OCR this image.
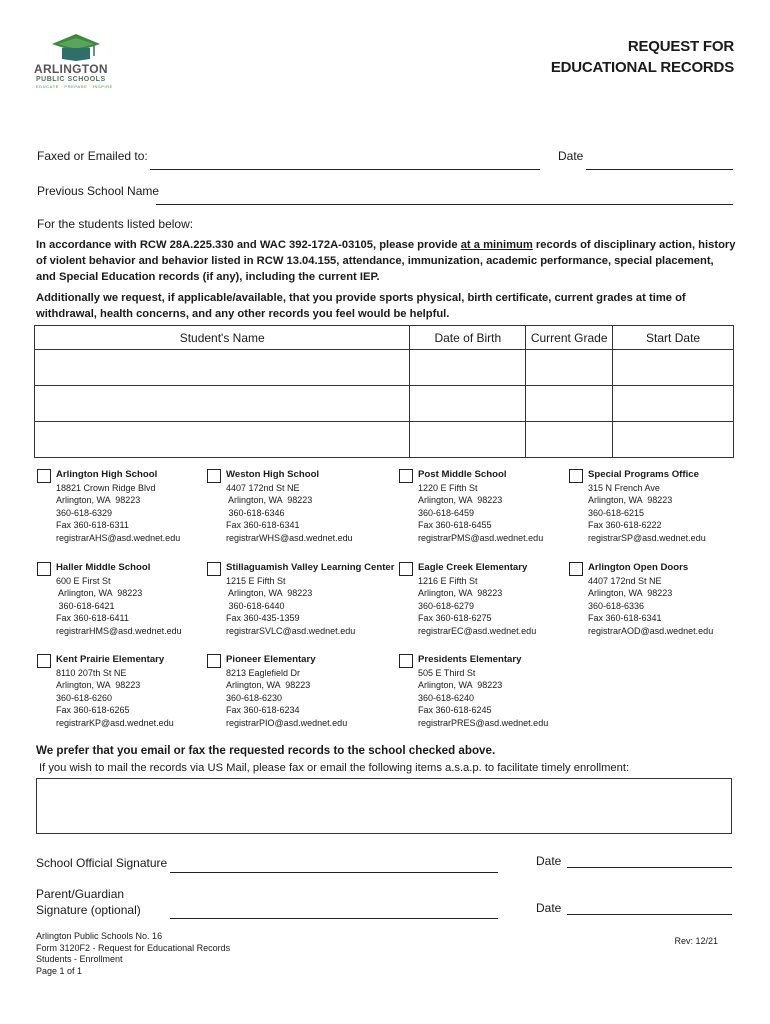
ARLINGTON
PUBLIC SCHOOLS
EDUCATE · PREPARE · INSPIRE
REQUEST FOR
EDUCATIONAL RECORDS
Faxed or Emailed to:	Date
Previous School Name
For the students listed below:
In accordance with RCW 28A.225.330 and WAC 392-172A-03105, please provide at a minimum records of disciplinary action, history of violent behavior and behavior listed in RCW 13.04.155, attendance, immunization, academic performance, special placement, and Special Education records (if any), including the current IEP.
Additionally we request, if applicable/available, that you provide sports physical, birth certificate, current grades at time of withdrawal, health concerns, and any other records you feel would be helpful.
Student's Name	Date of Birth	Current Grade	Start Date

Arlington High School
18821 Crown Ridge Blvd
Arlington, WA  98223
360-618-6329
Fax 360-618-6311
registrarAHS@asd.wednet.edu
Weston High School
4407 172nd St NE
Arlington, WA  98223
360-618-6346
Fax 360-618-6341
registrarWHS@asd.wednet.edu
Post Middle School
1220 E Fifth St
Arlington, WA  98223
360-618-6459
Fax 360-618-6455
registrarPMS@asd.wednet.edu
Special Programs Office
315 N French Ave
Arlington, WA  98223
360-618-6215
Fax 360-618-6222
registrarSP@asd.wednet.edu
Haller Middle School
600 E First St
Arlington, WA  98223
360-618-6421
Fax 360-618-6411
registrarHMS@asd.wednet.edu
Stillaguamish Valley Learning Center
1215 E Fifth St
Arlington, WA  98223
360-618-6440
Fax 360-435-1359
registrarSVLC@asd.wednet.edu
Eagle Creek Elementary
1216 E Fifth St
Arlington, WA  98223
360-618-6279
Fax 360-618-6275
registrarEC@asd.wednet.edu
Arlington Open Doors
4407 172nd St NE
Arlington, WA  98223
360-618-6336
Fax 360-618-6341
registrarAOD@asd.wednet.edu
Kent Prairie Elementary
8110 207th St NE
Arlington, WA  98223
360-618-6260
Fax 360-618-6265
registrarKP@asd.wednet.edu
Pioneer Elementary
8213 Eaglefield Dr
Arlington, WA  98223
360-618-6230
Fax 360-618-6234
registrarPIO@asd.wednet.edu
Presidents Elementary
505 E Third St
Arlington, WA  98223
360-618-6240
Fax 360-618-6245
registrarPRES@asd.wednet.edu
We prefer that you email or fax the requested records to the school checked above.
If you wish to mail the records via US Mail, please fax or email the following items a.s.a.p. to facilitate timely enrollment:
School Official Signature	Date
Parent/Guardian
Signature (optional)	Date
Arlington Public Schools No. 16
Form 3120F2 - Request for Educational Records
Students - Enrollment
Page 1 of 1
Rev: 12/21
